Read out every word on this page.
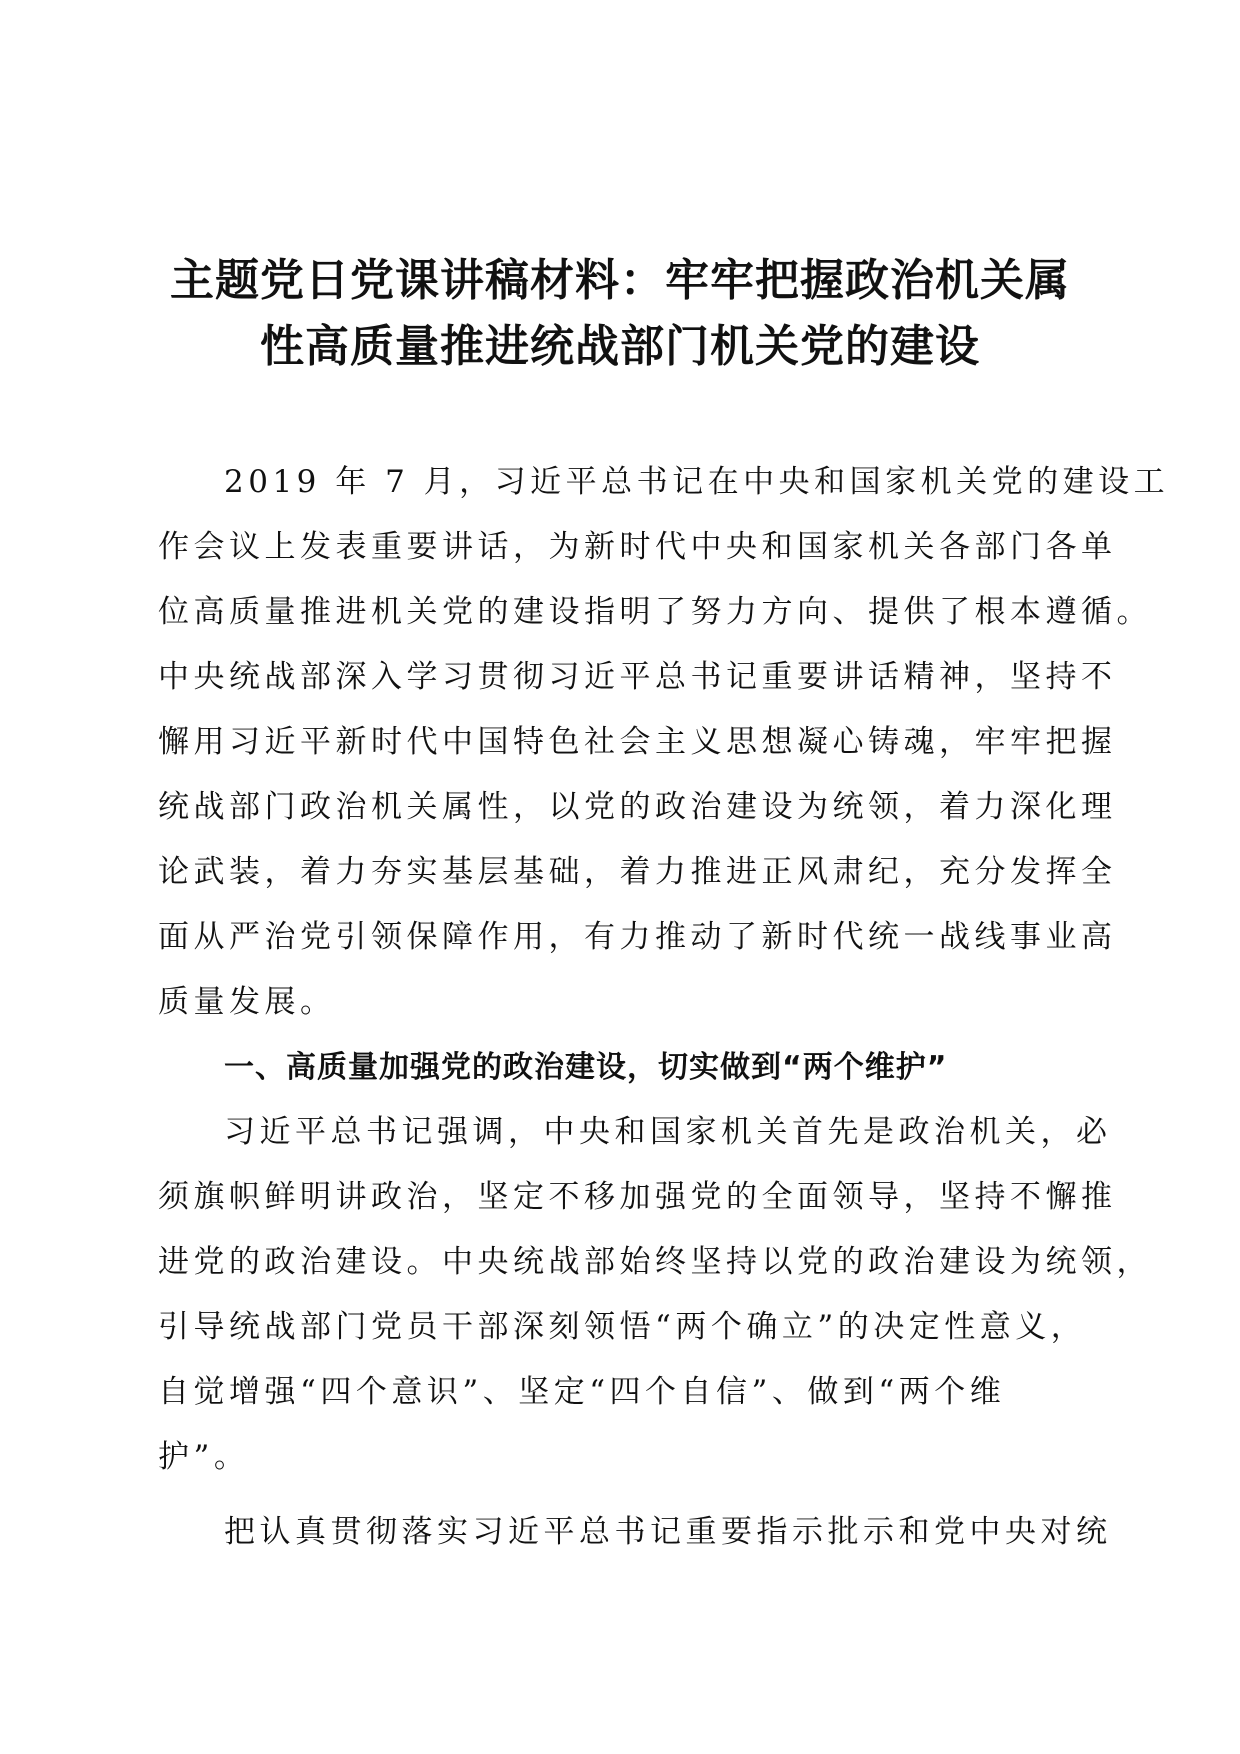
主题党日党课讲稿材料：牢牢把握政治机关属
性高质量推进统战部门机关党的建设
2019 年 7 月，习近平总书记在中央和国家机关党的建设工
作会议上发表重要讲话，为新时代中央和国家机关各部门各单
位高质量推进机关党的建设指明了努力方向、提供了根本遵循。
中央统战部深入学习贯彻习近平总书记重要讲话精神，坚持不
懈用习近平新时代中国特色社会主义思想凝心铸魂，牢牢把握
统战部门政治机关属性，以党的政治建设为统领，着力深化理
论武装，着力夯实基层基础，着力推进正风肃纪，充分发挥全
面从严治党引领保障作用，有力推动了新时代统一战线事业高
质量发展。
一、高质量加强党的政治建设，切实做到“两个维护”
习近平总书记强调，中央和国家机关首先是政治机关，必
须旗帜鲜明讲政治，坚定不移加强党的全面领导，坚持不懈推
进党的政治建设。中央统战部始终坚持以党的政治建设为统领，
引导统战部门党员干部深刻领悟“两个确立”的决定性意义，
自觉增强“四个意识”、坚定“四个自信”、做到“两个维
护”。
把认真贯彻落实习近平总书记重要指示批示和党中央对统
